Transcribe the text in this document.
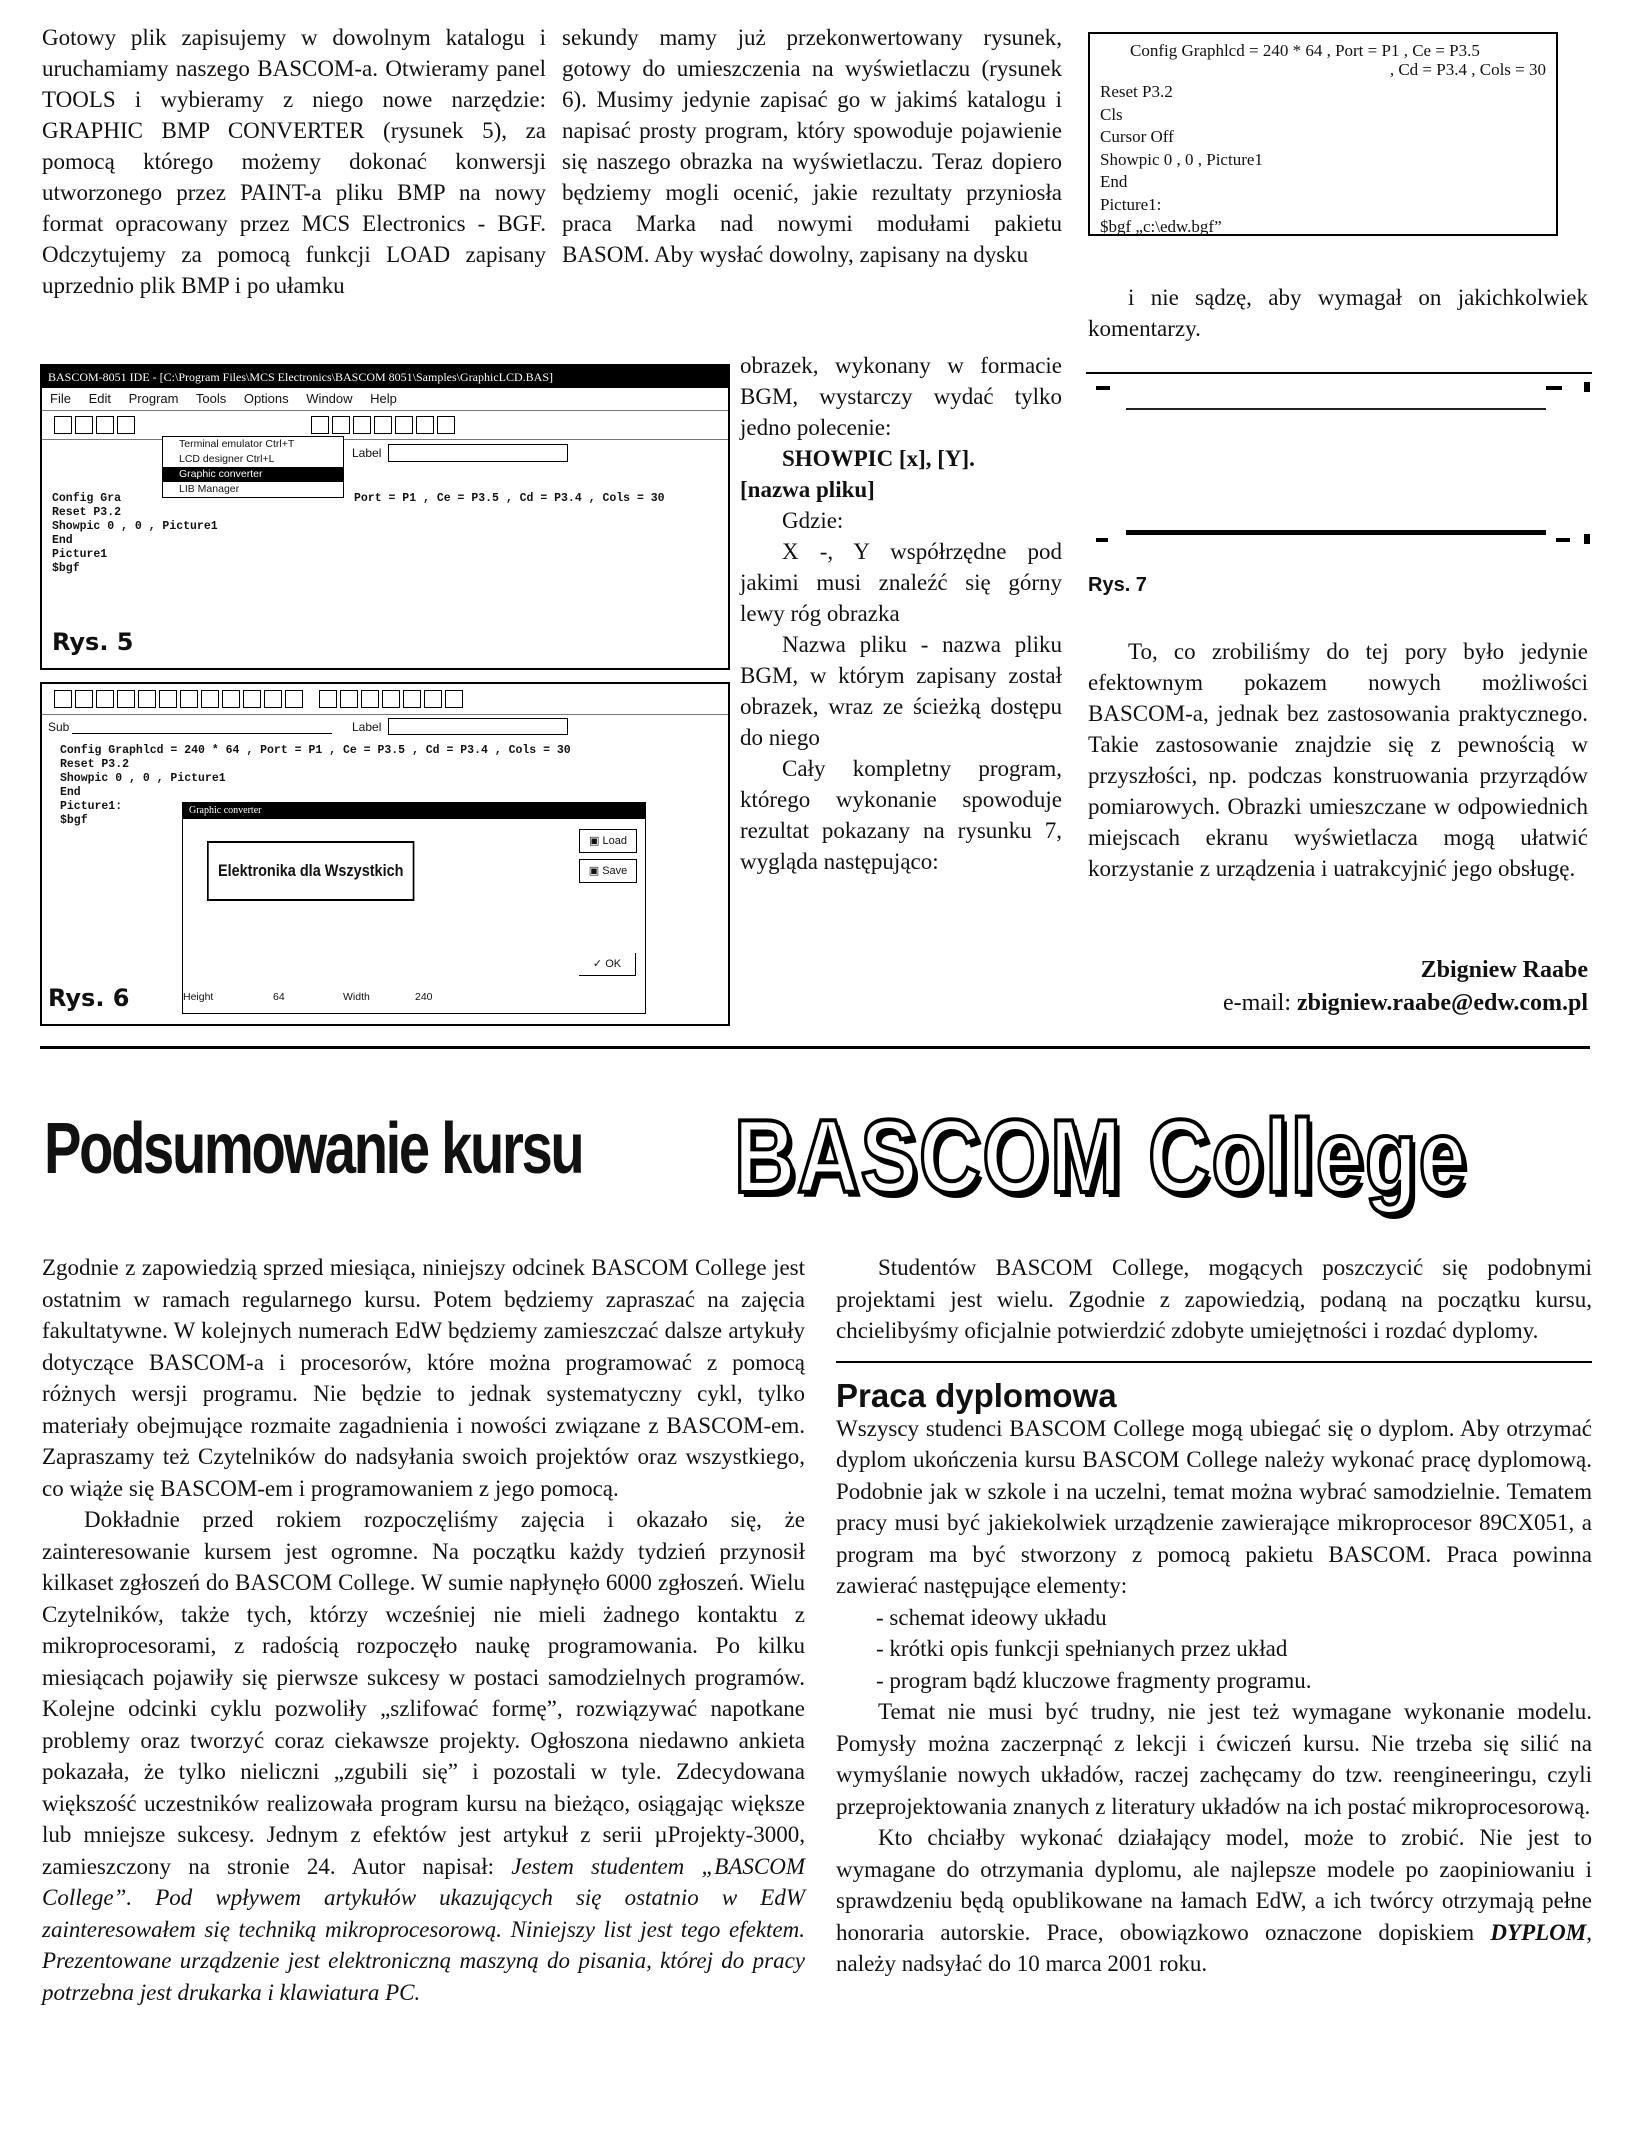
Gotowy plik zapisujemy w dowolnym katalogu i uruchamiamy naszego BASCOM-a. Otwieramy panel TOOLS i wybieramy z niego nowe narzędzie: GRAPHIC BMP CONVERTER (rysunek 5), za pomocą którego możemy dokonać konwersji utworzonego przez PAINT-a pliku BMP na nowy format opracowany przez MCS Electronics - BGF. Odczytujemy za pomocą funkcji LOAD zapisany uprzednio plik BMP i po ułamku

sekundy mamy już przekonwertowany rysunek, gotowy do umieszczenia na wyświetlaczu (rysunek 6). Musimy jedynie zapisać go w jakimś katalogu i napisać prosty program, który spowoduje pojawienie się naszego obrazka na wyświetlaczu. Teraz dopiero będziemy mogli ocenić, jakie rezultaty przyniosła praca Marka nad nowymi modułami pakietu BASOM. Aby wysłać dowolny, zapisany na dysku

obrazek, wykonany w formacie BGM, wystarczy wydać tylko jedno polecenie:

SHOWPIC [x], [Y].
[nazwa pliku]
Gdzie:

X -, Y współrzędne pod jakimi musi znaleźć się górny lewy róg obrazka

Nazwa pliku - nazwa pliku BGM, w którym zapisany został obrazek, wraz ze ścieżką dostępu do niego

Cały kompletny program, którego wykonanie spowoduje rezultat pokazany na rysunku 7, wygląda następująco:

BASCOM-8051 IDE - [C:\Program Files\MCS Electronics\BASCOM 8051\Samples\GraphicLCD.BAS]
File Edit Program Tools Options Window Help
Label
Terminal emulator Ctrl+T
LCD designer Ctrl+L
Graphic converter
LIB Manager
Config Gra
Reset P3.2
Showpic 0 , 0 , Picture1
End
Picture1
$bgf
Port = P1 , Ce = P3.5 , Cd = P3.4 , Cols = 30
Rys. 5
Sub	Label
Config Graphlcd = 240 * 64 , Port = P1 , Ce = P3.5 , Cd = P3.4 , Cols = 30
Reset P3.2
Showpic 0 , 0 , Picture1
End
Picture1:
$bgf
Graphic converter
Elektronika dla Wszystkich
▣ Load
▣ Save
✓ OK
Height	64	Width	240
Rys. 6
Config Graphlcd = 240 * 64 , Port = P1 , Ce = P3.5
, Cd = P3.4 , Cols = 30
Reset P3.2
Cls
Cursor Off
Showpic 0 , 0 , Picture1
End
Picture1:
$bgf „c:\edw.bgf”

i nie sądzę, aby wymagał on jakichkolwiek komentarzy.

Rys. 7

To, co zrobiliśmy do tej pory było jedynie efektownym pokazem nowych możliwości BASCOM-a, jednak bez zastosowania praktycznego. Takie zastosowanie znajdzie się z pewnością w przyszłości, np. podczas konstruowania przyrządów pomiarowych. Obrazki umieszczane w odpowiednich miejscach ekranu wyświetlacza mogą ułatwić korzystanie z urządzenia i uatrakcyjnić jego obsługę.

Zbigniew Raabe
e-mail: zbigniew.raabe@edw.com.pl
Podsumowanie kursu BASCOM College

Zgodnie z zapowiedzią sprzed miesiąca, niniejszy odcinek BASCOM College jest ostatnim w ramach regularnego kursu. Potem będziemy zapraszać na zajęcia fakultatywne. W kolejnych numerach EdW będziemy zamieszczać dalsze artykuły dotyczące BASCOM-a i procesorów, które można programować z pomocą różnych wersji programu. Nie będzie to jednak systematyczny cykl, tylko materiały obejmujące rozmaite zagadnienia i nowości związane z BASCOM-em. Zapraszamy też Czytelników do nadsyłania swoich projektów oraz wszystkiego, co wiąże się BASCOM-em i programowaniem z jego pomocą.

Dokładnie przed rokiem rozpoczęliśmy zajęcia i okazało się, że zainteresowanie kursem jest ogromne. Na początku każdy tydzień przynosił kilkaset zgłoszeń do BASCOM College. W sumie napłynęło 6000 zgłoszeń. Wielu Czytelników, także tych, którzy wcześniej nie mieli żadnego kontaktu z mikroprocesorami, z radością rozpoczęło naukę programowania. Po kilku miesiącach pojawiły się pierwsze sukcesy w postaci samodzielnych programów. Kolejne odcinki cyklu pozwoliły „szlifować formę”, rozwiązywać napotkane problemy oraz tworzyć coraz ciekawsze projekty. Ogłoszona niedawno ankieta pokazała, że tylko nieliczni „zgubili się” i pozostali w tyle. Zdecydowana większość uczestników realizowała program kursu na bieżąco, osiągając większe lub mniejsze sukcesy. Jednym z efektów jest artykuł z serii µProjekty-3000, zamieszczony na stronie 24. Autor napisał: Jestem studentem „BASCOM College”. Pod wpływem artykułów ukazujących się ostatnio w EdW zainteresowałem się techniką mikroprocesorową. Niniejszy list jest tego efektem. Prezentowane urządzenie jest elektroniczną maszyną do pisania, której do pracy potrzebna jest drukarka i klawiatura PC.

Studentów BASCOM College, mogących poszczycić się podobnymi projektami jest wielu. Zgodnie z zapowiedzią, podaną na początku kursu, chcielibyśmy oficjalnie potwierdzić zdobyte umiejętności i rozdać dyplomy.

Praca dyplomowa

Wszyscy studenci BASCOM College mogą ubiegać się o dyplom. Aby otrzymać dyplom ukończenia kursu BASCOM College należy wykonać pracę dyplomową. Podobnie jak w szkole i na uczelni, temat można wybrać samodzielnie. Tematem pracy musi być jakiekolwiek urządzenie zawierające mikroprocesor 89CX051, a program ma być stworzony z pomocą pakietu BASCOM. Praca powinna zawierać następujące elementy:

- schemat ideowy układu
- krótki opis funkcji spełnianych przez układ
- program bądź kluczowe fragmenty programu.

Temat nie musi być trudny, nie jest też wymagane wykonanie modelu. Pomysły można zaczerpnąć z lekcji i ćwiczeń kursu. Nie trzeba się silić na wymyślanie nowych układów, raczej zachęcamy do tzw. reengineeringu, czyli przeprojektowania znanych z literatury układów na ich postać mikroprocesorową.

Kto chciałby wykonać działający model, może to zrobić. Nie jest to wymagane do otrzymania dyplomu, ale najlepsze modele po zaopiniowaniu i sprawdzeniu będą opublikowane na łamach EdW, a ich twórcy otrzymają pełne honoraria autorskie. Prace, obowiązkowo oznaczone dopiskiem DYPLOM, należy nadsyłać do 10 marca 2001 roku.
